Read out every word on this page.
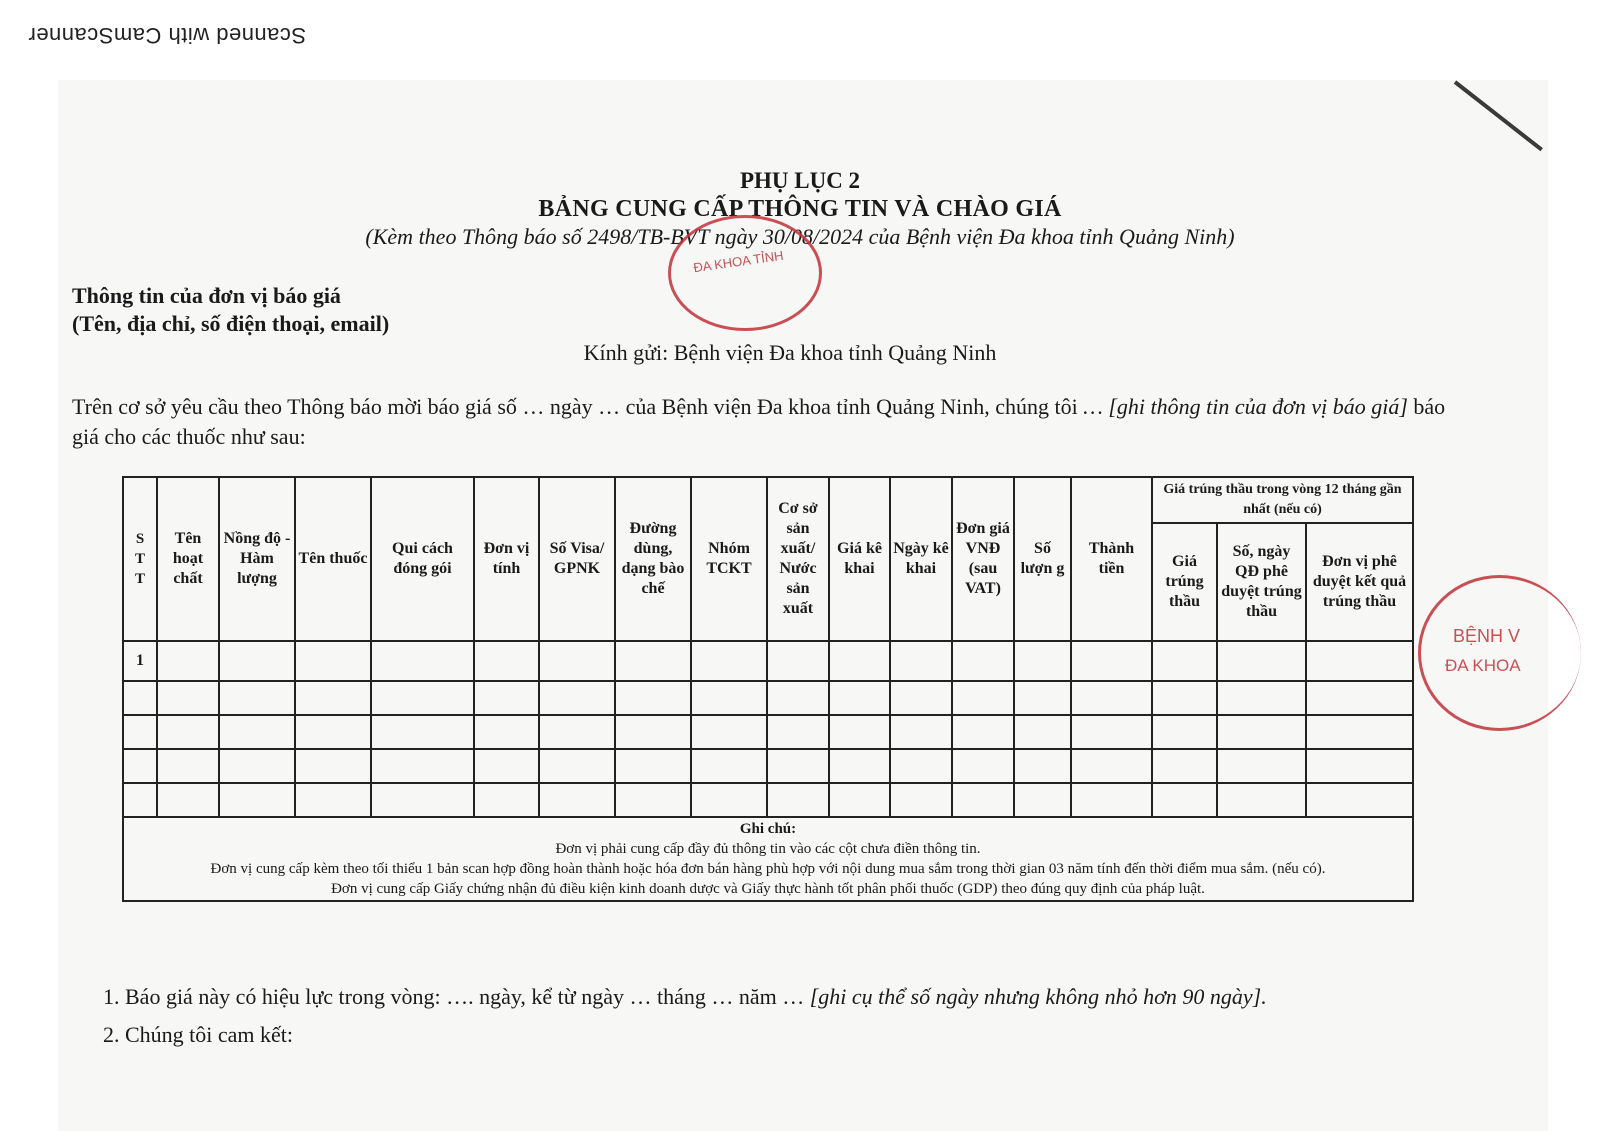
Scanned with CamScanner
PHỤ LỤC 2
BẢNG CUNG CẤP THÔNG TIN VÀ CHÀO GIÁ
(Kèm theo Thông báo số 2498/TB-BVT ngày 30/08/2024 của Bệnh viện Đa khoa tỉnh Quảng Ninh)
ĐA KHOA TỈNH
Thông tin của đơn vị báo giá
(Tên, địa chỉ, số điện thoại, email)
Kính gửi: Bệnh viện Đa khoa tỉnh Quảng Ninh
Trên cơ sở yêu cầu theo Thông báo mời báo giá số … ngày … của Bệnh viện Đa khoa tỉnh Quảng Ninh, chúng tôi … [ghi thông tin của đơn vị báo giá] báo giá cho các thuốc như sau:
S T T	Tên hoạt chất	Nồng độ - Hàm lượng	Tên thuốc	Qui cách đóng gói	Đơn vị tính	Số Visa/ GPNK	Đường dùng, dạng bào chế	Nhóm TCKT	Cơ sở sản xuất/ Nước sản xuất	Giá kê khai	Ngày kê khai	Đơn giá VNĐ (sau VAT)	Số lượn g	Thành tiền	Giá trúng thầu trong vòng 12 tháng gần nhất (nếu có)		
															Giá trúng thầu	Số, ngày QĐ phê duyệt trúng thầu	Đơn vị phê duyệt kết quả trúng thầu
1																	

Ghi chú:
Đơn vị phải cung cấp đầy đủ thông tin vào các cột chưa điền thông tin.
Đơn vị cung cấp kèm theo tối thiểu 1 bản scan hợp đồng hoàn thành hoặc hóa đơn bán hàng phù hợp với nội dung mua sắm trong thời gian 03 năm tính đến thời điểm mua sắm. (nếu có).
Đơn vị cung cấp Giấy chứng nhận đủ điều kiện kinh doanh dược và Giấy thực hành tốt phân phối thuốc (GDP) theo đúng quy định của pháp luật.																	
BỆNH V
ĐA KHOA
1. Báo giá này có hiệu lực trong vòng: …. ngày, kể từ ngày … tháng … năm … [ghi cụ thể số ngày nhưng không nhỏ hơn 90 ngày].
2. Chúng tôi cam kết:
